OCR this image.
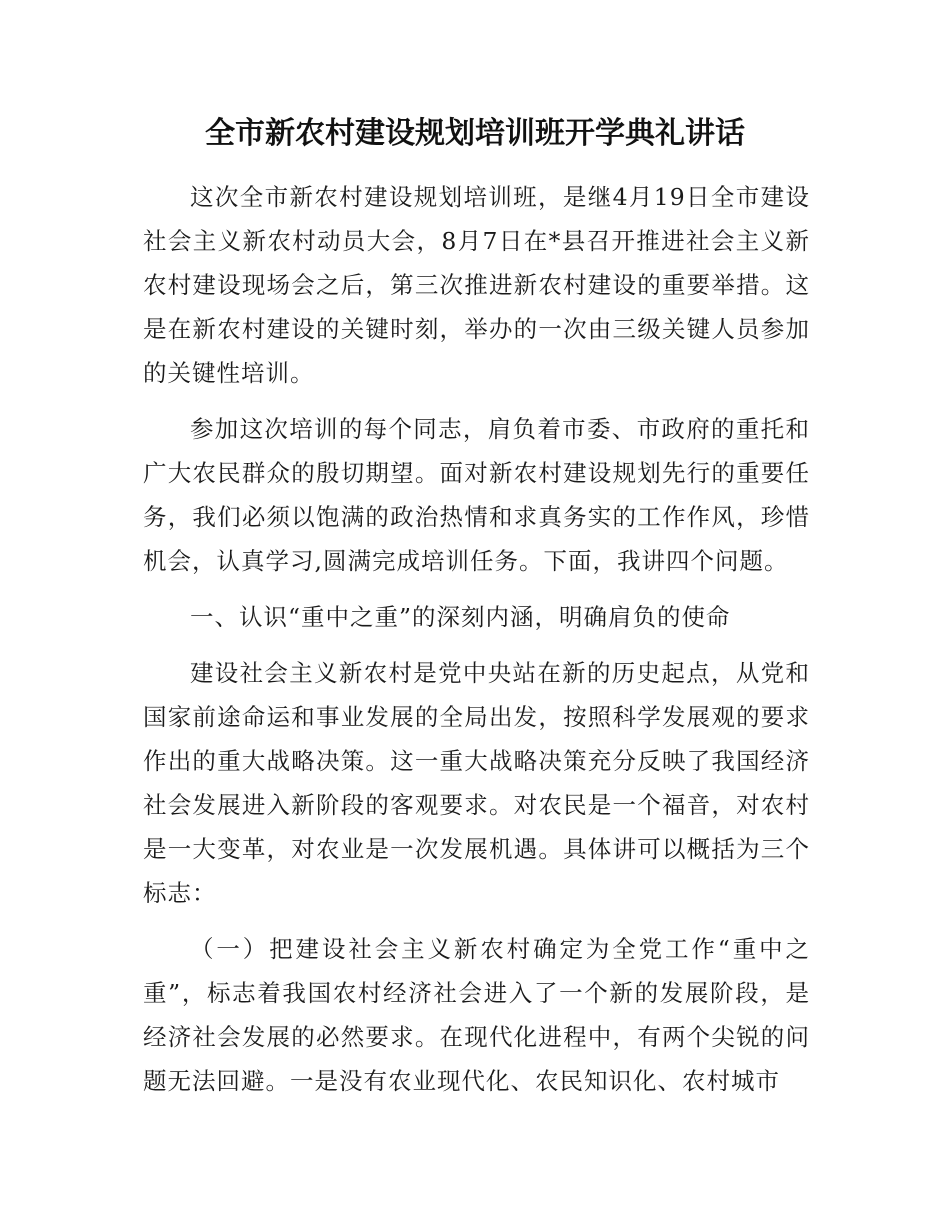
全市新农村建设规划培训班开学典礼讲话

这次全市新农村建设规划培训班，是继4月19日全市建设社会主义新农村动员大会，8月7日在*县召开推进社会主义新农村建设现场会之后，第三次推进新农村建设的重要举措。这是在新农村建设的关键时刻，举办的一次由三级关键人员参加的关键性培训。

参加这次培训的每个同志，肩负着市委、市政府的重托和广大农民群众的殷切期望。面对新农村建设规划先行的重要任务，我们必须以饱满的政治热情和求真务实的工作作风，珍惜机会，认真学习,圆满完成培训任务。下面，我讲四个问题。

一、认识“重中之重”的深刻内涵，明确肩负的使命

建设社会主义新农村是党中央站在新的历史起点，从党和国家前途命运和事业发展的全局出发，按照科学发展观的要求作出的重大战略决策。这一重大战略决策充分反映了我国经济社会发展进入新阶段的客观要求。对农民是一个福音，对农村是一大变革，对农业是一次发展机遇。具体讲可以概括为三个标志：

（一）把建设社会主义新农村确定为全党工作“重中之重”，标志着我国农村经济社会进入了一个新的发展阶段，是经济社会发展的必然要求。在现代化进程中，有两个尖锐的问题无法回避。一是没有农业现代化、农民知识化、农村城市
